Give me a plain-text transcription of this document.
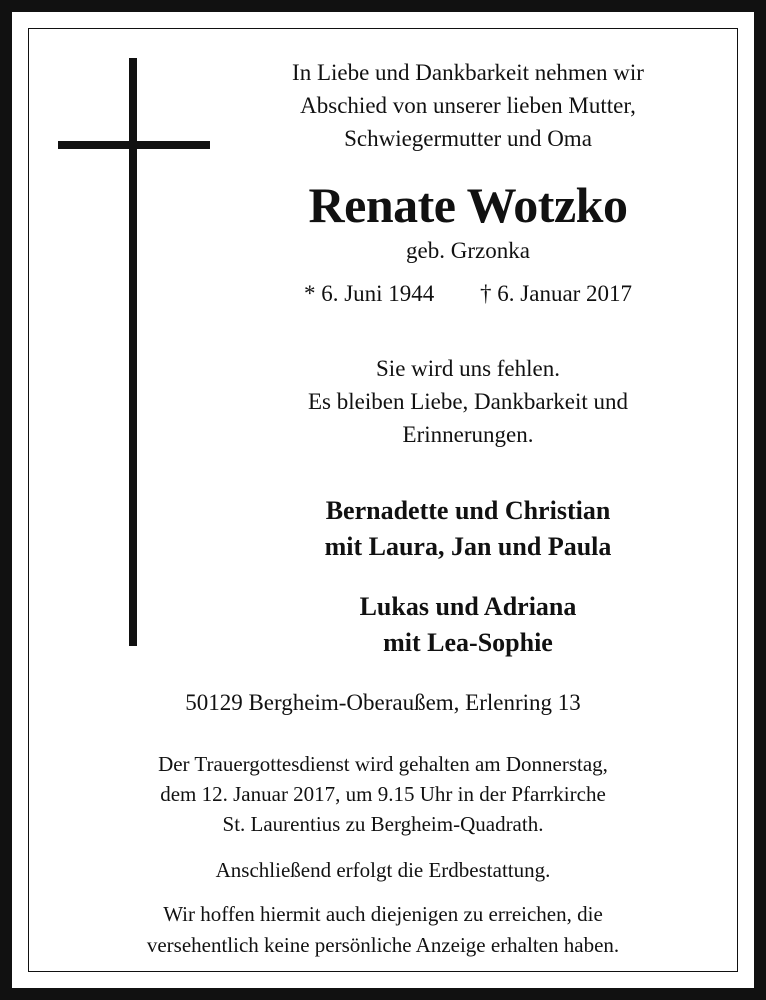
In Liebe und Dankbarkeit nehmen wir
Abschied von unserer lieben Mutter,
Schwiegermutter und Oma
Renate Wotzko
geb. Grzonka
* 6. Juni 1944 † 6. Januar 2017
Sie wird uns fehlen.
Es bleiben Liebe, Dankbarkeit und
Erinnerungen.
Bernadette und Christian
mit Laura, Jan und Paula
Lukas und Adriana
mit Lea-Sophie
50129 Bergheim-Oberaußem, Erlenring 13
Der Trauergottesdienst wird gehalten am Donnerstag,
dem 12. Januar 2017, um 9.15 Uhr in der Pfarrkirche
St. Laurentius zu Bergheim-Quadrath.
Anschließend erfolgt die Erdbestattung.
Wir hoffen hiermit auch diejenigen zu erreichen, die
versehentlich keine persönliche Anzeige erhalten haben.
